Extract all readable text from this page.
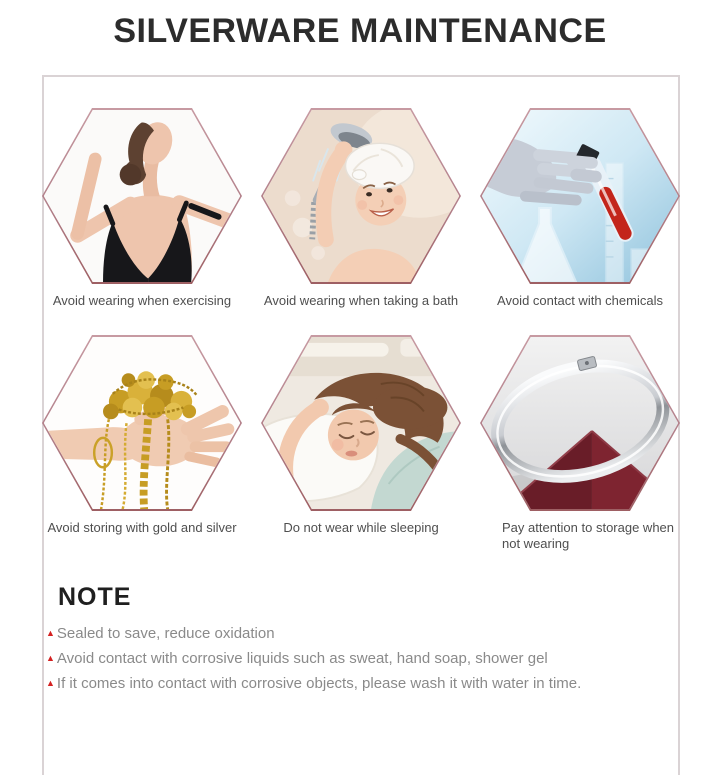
SILVERWARE MAINTENANCE
Avoid wearing when exercising	Avoid wearing when taking a bath	Avoid contact with chemicals
Avoid storing with gold and silver	Do not wear while sleeping	Pay attention to storage when not wearing
NOTE
▲ Sealed to save, reduce oxidation
▲ Avoid contact with corrosive liquids such as sweat, hand soap, shower gel
▲ If it comes into contact with corrosive objects, please wash it with water in time.
